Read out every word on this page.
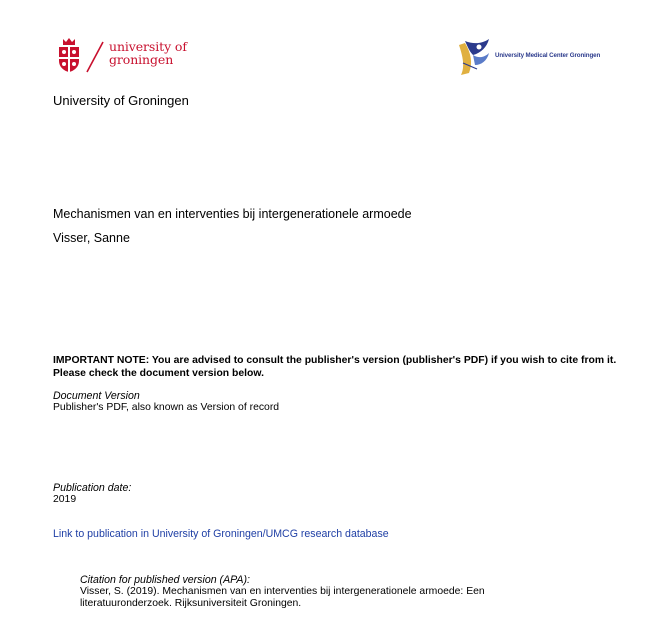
university of
groningen	University Medical Center Groningen
University of Groningen
Mechanismen van en interventies bij intergenerationele armoede
Visser, Sanne
IMPORTANT NOTE: You are advised to consult the publisher's version (publisher's PDF) if you wish to cite from it. Please check the document version below.
Document Version
Publisher's PDF, also known as Version of record
Publication date:
2019
Link to publication in University of Groningen/UMCG research database
Citation for published version (APA):
Visser, S. (2019). Mechanismen van en interventies bij intergenerationele armoede: Een literatuuronderzoek. Rijksuniversiteit Groningen.
